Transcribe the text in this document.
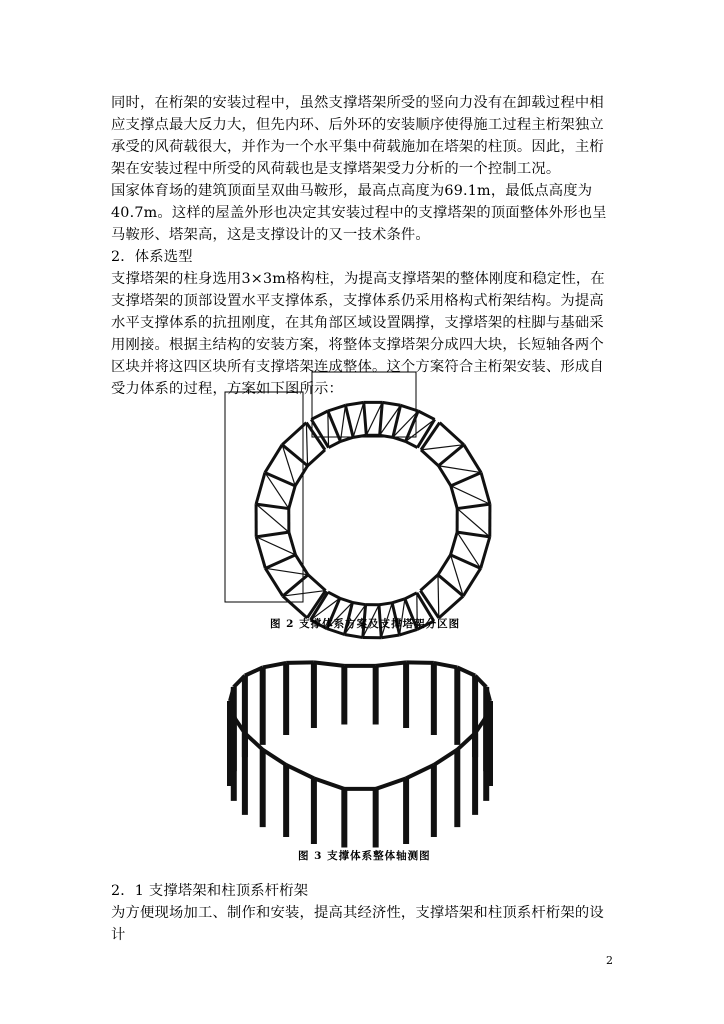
同时，在桁架的安装过程中，虽然支撑塔架所受的竖向力没有在卸载过程中相应支撑点最大反力大，但先内环、后外环的安装顺序使得施工过程主桁架独立承受的风荷载很大，并作为一个水平集中荷载施加在塔架的柱顶。因此，主桁架在安装过程中所受的风荷载也是支撑塔架受力分析的一个控制工况。

国家体育场的建筑顶面呈双曲马鞍形，最高点高度为69.1m，最低点高度为40.7m。这样的屋盖外形也决定其安装过程中的支撑塔架的顶面整体外形也呈马鞍形、塔架高，这是支撑设计的又一技术条件。

2．体系选型

支撑塔架的柱身选用3×3m格构柱，为提高支撑塔架的整体刚度和稳定性，在支撑塔架的顶部设置水平支撑体系，支撑体系仍采用格构式桁架结构。为提高水平支撑体系的抗扭刚度，在其角部区域设置隅撑，支撑塔架的柱脚与基础采用刚接。根据主结构的安装方案，将整体支撑塔架分成四大块，长短轴各两个区块并将这四区块所有支撑塔架连成整体。这个方案符合主桁架安装、形成自受力体系的过程，方案如下图所示：

图 2 支撑体系方案及支撑塔架分区图
图 3 支撑体系整体轴测图

2．1 支撑塔架和柱顶系杆桁架

为方便现场加工、制作和安装，提高其经济性，支撑塔架和柱顶系杆桁架的设计

2
